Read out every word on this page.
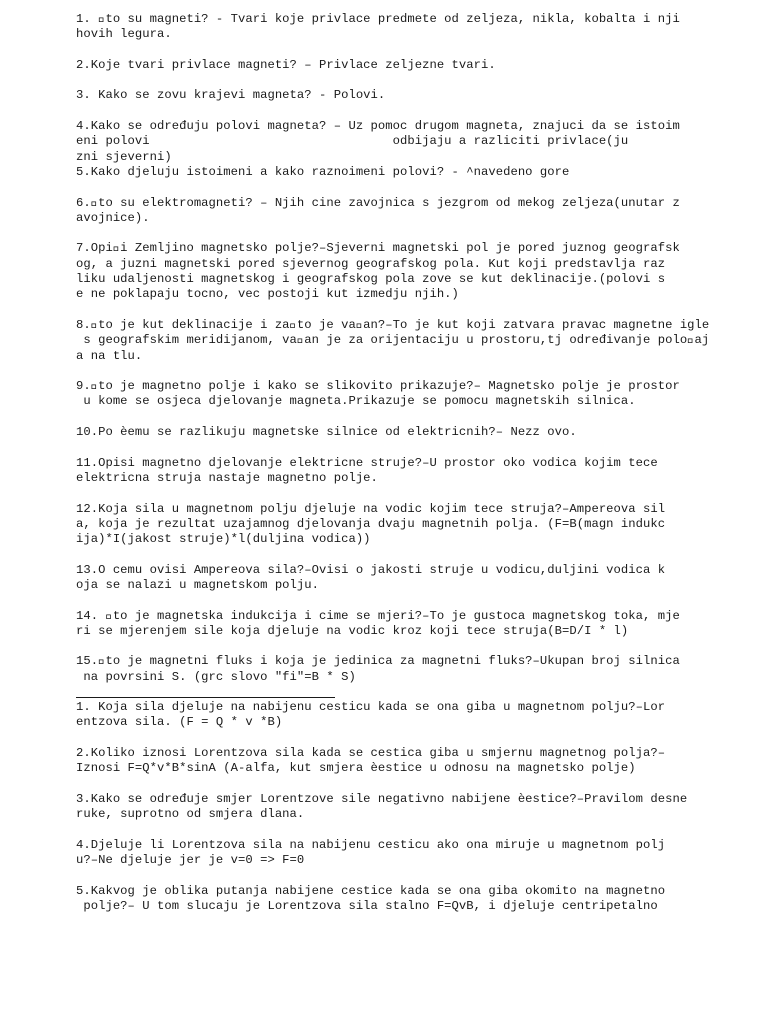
1.  to su magneti? - Tvari koje privlace predmete od zeljeza, nikla, kobalta i nji
hovih legura.
2.Koje tvari privlace magneti? – Privlace zeljezne tvari.
3. Kako se zovu krajevi magneta? - Polovi.
4.Kako se određuju polovi magneta? – Uz pomoc drugom magneta, znajuci da se istoim
eni polovi                                 odbijaju a razliciti privlace(ju
zni sjeverni)
5.Kako djeluju istoimeni a kako raznoimeni polovi? - ^navedeno gore
6. to su elektromagneti? – Njih cine zavojnica s jezgrom od mekog zeljeza(unutar z
avojnice).
7.Opi i Zemljino magnetsko polje?–Sjeverni magnetski pol je pored juznog geografsk
og, a juzni magnetski pored sjevernog geografskog pola. Kut koji predstavlja raz
liku udaljenosti magnetskog i geografskog pola zove se kut deklinacije.(polovi s
e ne poklapaju tocno, vec postoji kut izmedju njih.)
8. to je kut deklinacije i za to je va an?–To je kut koji zatvara pravac magnetne igle
s geografskim meridijanom, va an je za orijentaciju u prostoru,tj određivanje polo aj
a na tlu.
9. to je magnetno polje i kako se slikovito prikazuje?– Magnetsko polje je prostor
u kome se osjeca djelovanje magneta.Prikazuje se pomocu magnetskih silnica.
10.Po èemu se razlikuju magnetske silnice od elektricnih?– Nezz ovo.
11.Opisi magnetno djelovanje elektricne struje?–U prostor oko vodica kojim tece
elektricna struja nastaje magnetno polje.
12.Koja sila u magnetnom polju djeluje na vodic kojim tece struja?–Ampereova sil
a, koja je rezultat uzajamnog djelovanja dvaju magnetnih polja. (F=B(magn indukc
ija)*I(jakost struje)*l(duljina vodica))
13.O cemu ovisi Ampereova sila?–Ovisi o jakosti struje u vodicu,duljini vodica k
oja se nalazi u magnetskom polju.
14.  to je magnetska indukcija i cime se mjeri?–To je gustoca magnetskog toka, mje
ri se mjerenjem sile koja djeluje na vodic kroz koji tece struja(B=D/I * l)
15. to je magnetni fluks i koja je jedinica za magnetni fluks?–Ukupan broj silnica
na povrsini S. (grc slovo "fi"=B * S)
1. Koja sila djeluje na nabijenu cesticu kada se ona giba u magnetnom polju?–Lor
entzova sila. (F = Q * v *B)
2.Koliko iznosi Lorentzova sila kada se cestica giba u smjernu magnetnog polja?–
Iznosi F=Q*v*B*sinA (A-alfa, kut smjera èestice u odnosu na magnetsko polje)
3.Kako se određuje smjer Lorentzove sile negativno nabijene èestice?–Pravilom desne
ruke, suprotno od smjera dlana.
4.Djeluje li Lorentzova sila na nabijenu cesticu ako ona miruje u magnetnom polj
u?–Ne djeluje jer je v=0 => F=0
5.Kakvog je oblika putanja nabijene cestice kada se ona giba okomito na magnetno
polje?– U tom slucaju je Lorentzova sila stalno F=QvB, i djeluje centripetalno
